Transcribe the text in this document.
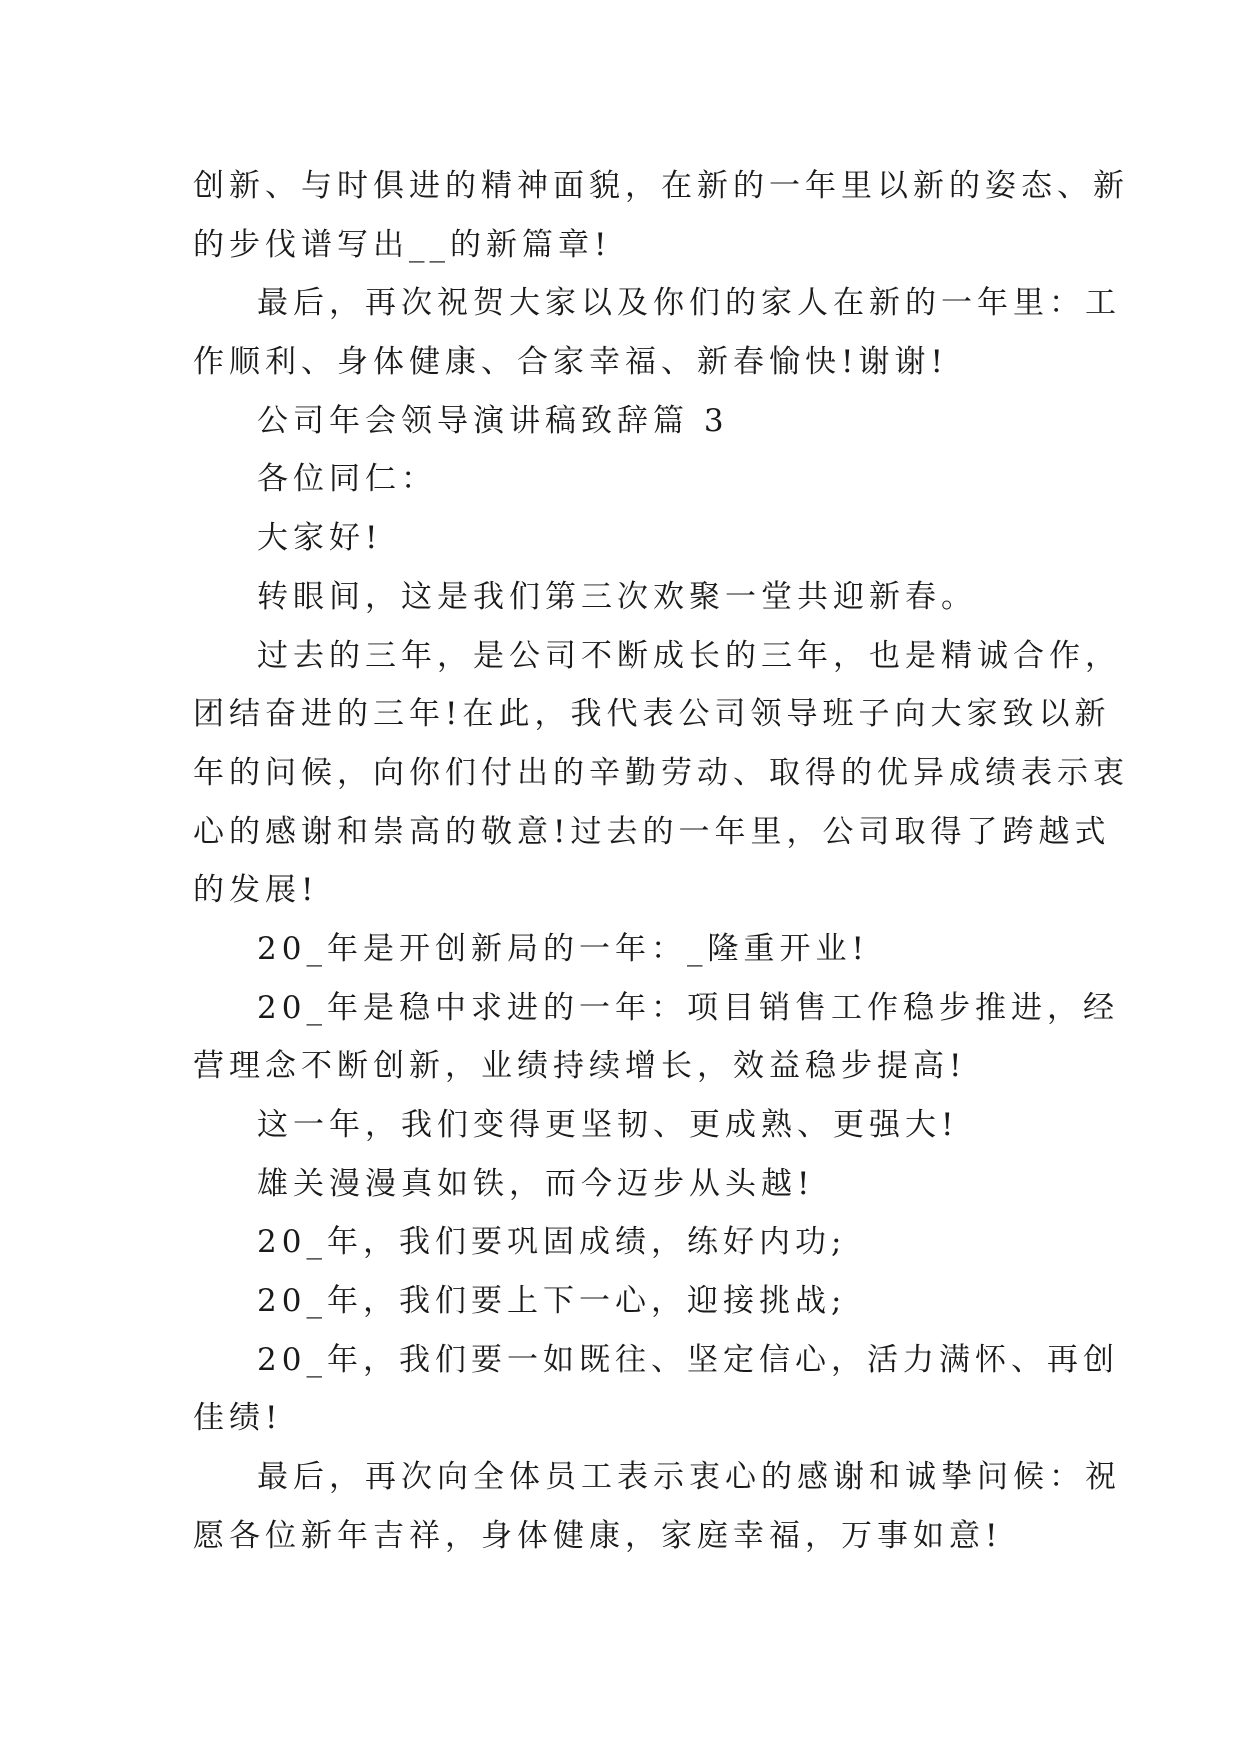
创新、与时俱进的精神面貌，在新的一年里以新的姿态、新
的步伐谱写出__的新篇章!
最后，再次祝贺大家以及你们的家人在新的一年里：工
作顺利、身体健康、合家幸福、新春愉快!谢谢!
公司年会领导演讲稿致辞篇 3
各位同仁：
大家好!
转眼间，这是我们第三次欢聚一堂共迎新春。
过去的三年，是公司不断成长的三年，也是精诚合作，
团结奋进的三年!在此，我代表公司领导班子向大家致以新
年的问候，向你们付出的辛勤劳动、取得的优异成绩表示衷
心的感谢和崇高的敬意!过去的一年里，公司取得了跨越式
的发展!
20_年是开创新局的一年：_隆重开业!
20_年是稳中求进的一年：项目销售工作稳步推进，经
营理念不断创新，业绩持续增长，效益稳步提高!
这一年，我们变得更坚韧、更成熟、更强大!
雄关漫漫真如铁，而今迈步从头越!
20_年，我们要巩固成绩，练好内功;
20_年，我们要上下一心，迎接挑战;
20_年，我们要一如既往、坚定信心，活力满怀、再创
佳绩!
最后，再次向全体员工表示衷心的感谢和诚挚问候：祝
愿各位新年吉祥，身体健康，家庭幸福，万事如意!
